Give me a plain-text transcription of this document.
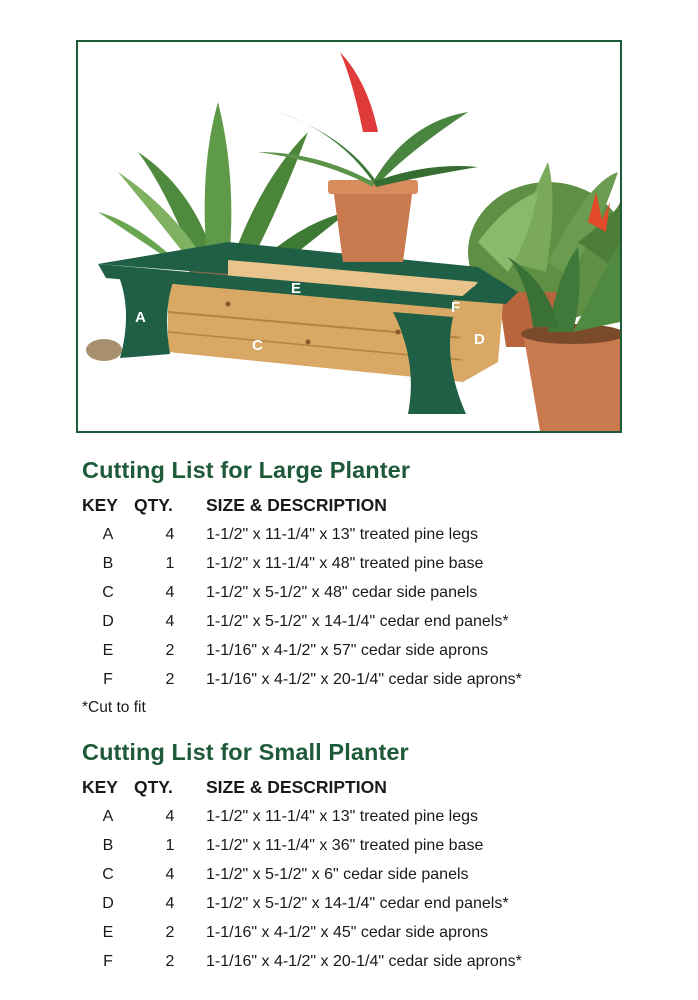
A
C	D
E
F
Cutting List for Large Planter
KEY QTY.	SIZE & DESCRIPTION
A	4	1-1/2" x 11-1/4" x 13" treated pine legs
B	1	1-1/2" x 11-1/4" x 48" treated pine base
C	4	1-1/2" x 5-1/2" x 48" cedar side panels
D	4	1-1/2" x 5-1/2" x 14-1/4" cedar end panels*
E	2	1-1/16" x 4-1/2" x 57" cedar side aprons
F	2	1-1/16" x 4-1/2" x 20-1/4" cedar side aprons*
*Cut to fit
Cutting List for Small Planter
KEY QTY.	SIZE & DESCRIPTION
A	4	1-1/2" x 11-1/4" x 13" treated pine legs
B	1	1-1/2" x 11-1/4" x 36" treated pine base
C	4	1-1/2" x 5-1/2" x 6" cedar side panels
D	4	1-1/2" x 5-1/2" x 14-1/4" cedar end panels*
E	2	1-1/16" x 4-1/2" x 45" cedar side aprons
F	2	1-1/16" x 4-1/2" x 20-1/4" cedar side aprons*
